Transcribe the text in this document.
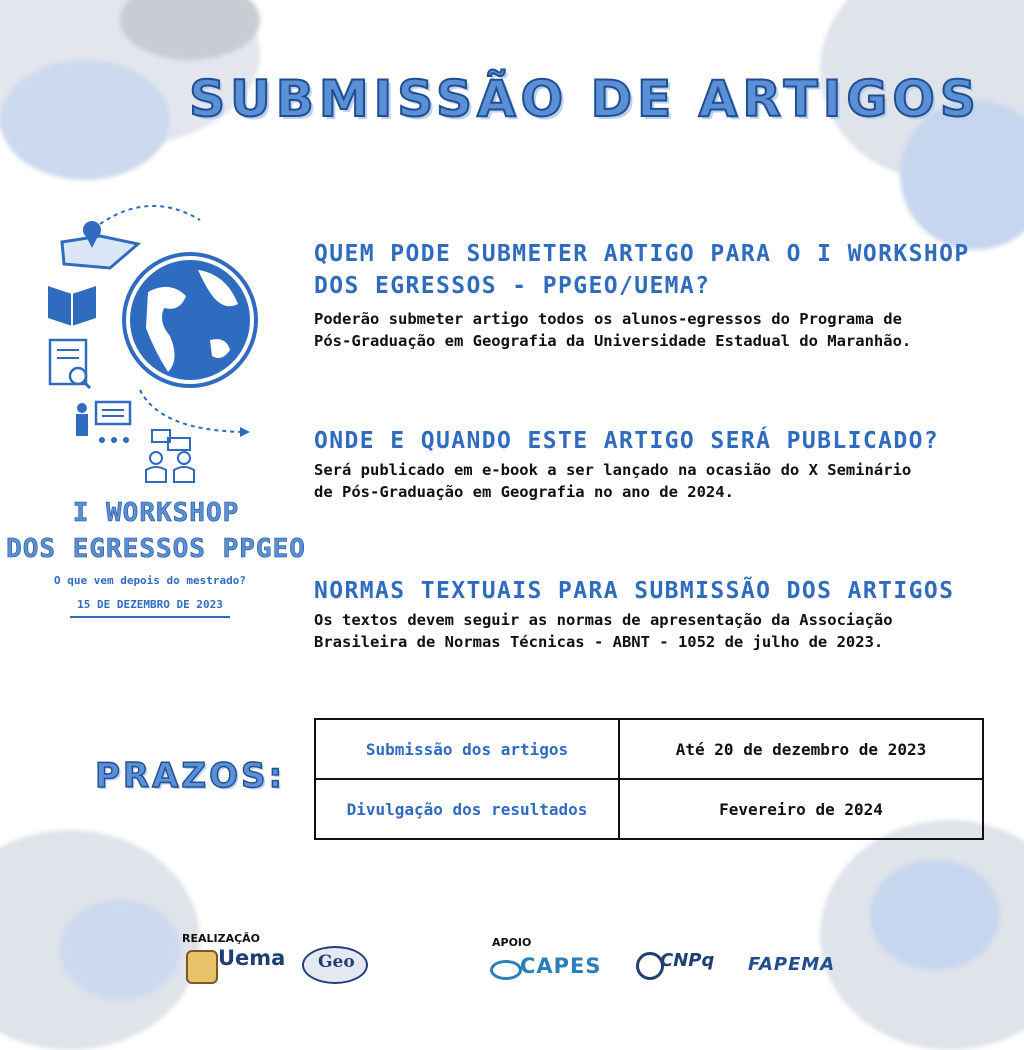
SUBMISSÃO DE ARTIGOS
I WORKSHOP
DOS EGRESSOS PPGEO
O que vem depois do mestrado?
15 DE DEZEMBRO DE 2023

QUEM PODE SUBMETER ARTIGO PARA O I WORKSHOP

DOS EGRESSOS - PPGEO/UEMA?

Poderão submeter artigo todos os alunos-egressos do Programa de

Pós-Graduação em Geografia da Universidade Estadual do Maranhão.

ONDE E QUANDO ESTE ARTIGO SERÁ PUBLICADO?

Será publicado em e-book a ser lançado na ocasião do X Seminário

de Pós-Graduação em Geografia no ano de 2024.

NORMAS TEXTUAIS PARA SUBMISSÃO DOS ARTIGOS

Os textos devem seguir as normas de apresentação da Associação

Brasileira de Normas Técnicas - ABNT - 1052 de julho de 2023.

PRAZOS:
Submissão dos artigos	Até 20 de dezembro de 2023
Divulgação dos resultados	Fevereiro de 2024
REALIZAÇÃO
Uema Geo
APOIO
CAPES	CNPq FAPEMA
